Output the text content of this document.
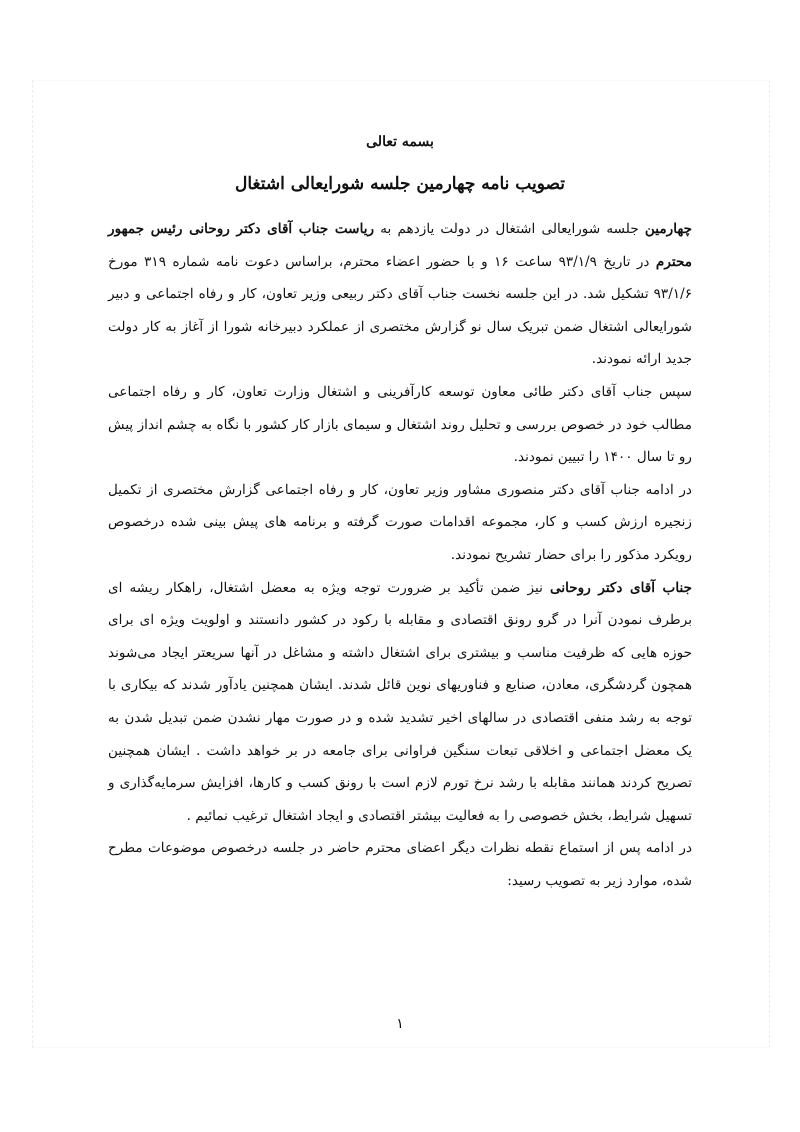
بسمه تعالی
تصویب نامه چهارمین جلسه شورایعالی اشتغال

چهارمین جلسه شورایعالی اشتغال در دولت یازدهم به ریاست جناب آقای دکتر روحانی رئیس جمهور محترم در تاریخ ۹۳/۱/۹ ساعت ۱۶ و با حضور اعضاء محترم، براساس دعوت نامه شماره ۳۱۹ مورخ ۹۳/۱/۶ تشکیل شد. در این جلسه نخست جناب آقای دکتر ربیعی وزیر تعاون، کار و رفاه اجتماعی و دبیر شورایعالی اشتغال ضمن تبریک سال نو گزارش مختصری از عملکرد دبیرخانه شورا از آغاز به کار دولت جدید ارائه نمودند.

سپس جناب آقای دکتر طائی معاون توسعه کارآفرینی و اشتغال وزارت تعاون، کار و رفاه اجتماعی مطالب خود در خصوص بررسی و تحلیل روند اشتغال و سیمای بازار کار کشور با نگاه به چشم انداز پیش رو تا سال ۱۴۰۰ را تبیین نمودند.

در ادامه جناب آقای دکتر منصوری مشاور وزیر تعاون، کار و رفاه اجتماعی گزارش مختصری از تکمیل زنجیره ارزش کسب و کار، مجموعه اقدامات صورت گرفته و برنامه های پیش بینی شده درخصوص رویکرد مذکور را برای حضار تشریح نمودند.

جناب آقای دکتر روحانی نیز ضمن تأکید بر ضرورت توجه ویژه به معضل اشتغال، راهکار ریشه ای برطرف نمودن آنرا در گرو رونق اقتصادی و مقابله با رکود در کشور دانستند و اولویت ویژه ای برای حوزه هایی که ظرفیت مناسب و بیشتری برای اشتغال داشته و مشاغل در آنها سریعتر ایجاد می‌شوند همچون گردشگری، معادن، صنایع و فناوریهای نوین قائل شدند. ایشان همچنین یادآور شدند که بیکاری با توجه به رشد منفی اقتصادی در سالهای اخیر تشدید شده و در صورت مهار نشدن ضمن تبدیل شدن به یک معضل اجتماعی و اخلاقی تبعات سنگین فراوانی برای جامعه در بر خواهد داشت . ایشان همچنین تصریح کردند همانند مقابله با رشد نرخ تورم لازم است با رونق کسب و کارها، افزایش سرمایه‌گذاری و تسهیل شرایط، بخش خصوصی را به فعالیت بیشتر اقتصادی و ایجاد اشتغال ترغیب نمائیم .

در ادامه پس از استماع نقطه نظرات دیگر اعضای محترم حاضر در جلسه درخصوص موضوعات مطرح شده، موارد زیر به تصویب رسید:

۱
